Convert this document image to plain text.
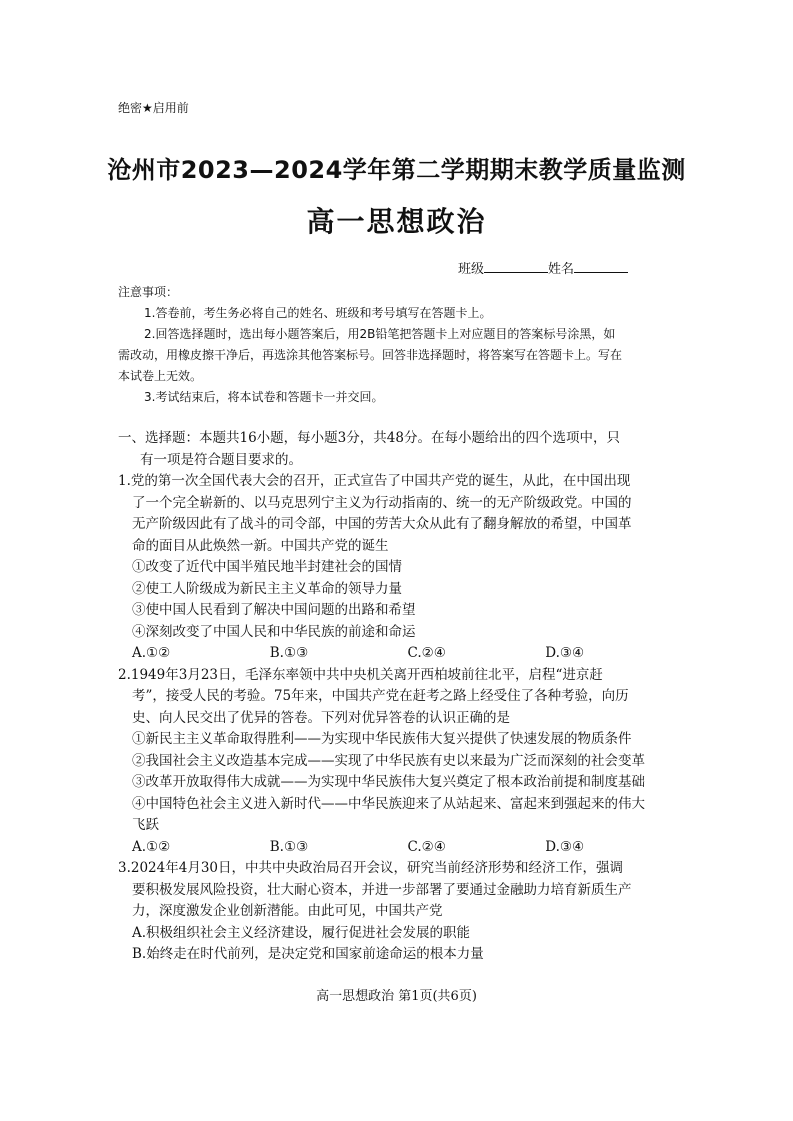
绝密★启用前
沧州市2023—2024学年第二学期期末教学质量监测
高一思想政治
班级	姓名
注意事项：
1.答卷前，考生务必将自己的姓名、班级和考号填写在答题卡上。
2.回答选择题时，选出每小题答案后，用2B铅笔把答题卡上对应题目的答案标号涂黑，如
需改动，用橡皮擦干净后，再选涂其他答案标号。回答非选择题时，将答案写在答题卡上。写在
本试卷上无效。
3.考试结束后，将本试卷和答题卡一并交回。
一、选择题：本题共16小题，每小题3分，共48分。在每小题给出的四个选项中，只
有一项是符合题目要求的。
1.党的第一次全国代表大会的召开，正式宣告了中国共产党的诞生，从此，在中国出现
了一个完全崭新的、以马克思列宁主义为行动指南的、统一的无产阶级政党。中国的
无产阶级因此有了战斗的司令部，中国的劳苦大众从此有了翻身解放的希望，中国革
命的面目从此焕然一新。中国共产党的诞生
①改变了近代中国半殖民地半封建社会的国情
②使工人阶级成为新民主主义革命的领导力量
③使中国人民看到了解决中国问题的出路和希望
④深刻改变了中国人民和中华民族的前途和命运
A.①②	B.①③	C.②④	D.③④
2.1949年3月23日，毛泽东率领中共中央机关离开西柏坡前往北平，启程“进京赶
考”，接受人民的考验。75年来，中国共产党在赶考之路上经受住了各种考验，向历
史、向人民交出了优异的答卷。下列对优异答卷的认识正确的是
①新民主主义革命取得胜利——为实现中华民族伟大复兴提供了快速发展的物质条件
②我国社会主义改造基本完成——实现了中华民族有史以来最为广泛而深刻的社会变革
③改革开放取得伟大成就——为实现中华民族伟大复兴奠定了根本政治前提和制度基础
④中国特色社会主义进入新时代——中华民族迎来了从站起来、富起来到强起来的伟大
飞跃
A.①②	B.①③	C.②④	D.③④
3.2024年4月30日，中共中央政治局召开会议，研究当前经济形势和经济工作，强调
要积极发展风险投资，壮大耐心资本，并进一步部署了要通过金融助力培育新质生产
力，深度激发企业创新潜能。由此可见，中国共产党
A.积极组织社会主义经济建设，履行促进社会发展的职能
B.始终走在时代前列，是决定党和国家前途命运的根本力量
高一思想政治 第1页(共6页)
